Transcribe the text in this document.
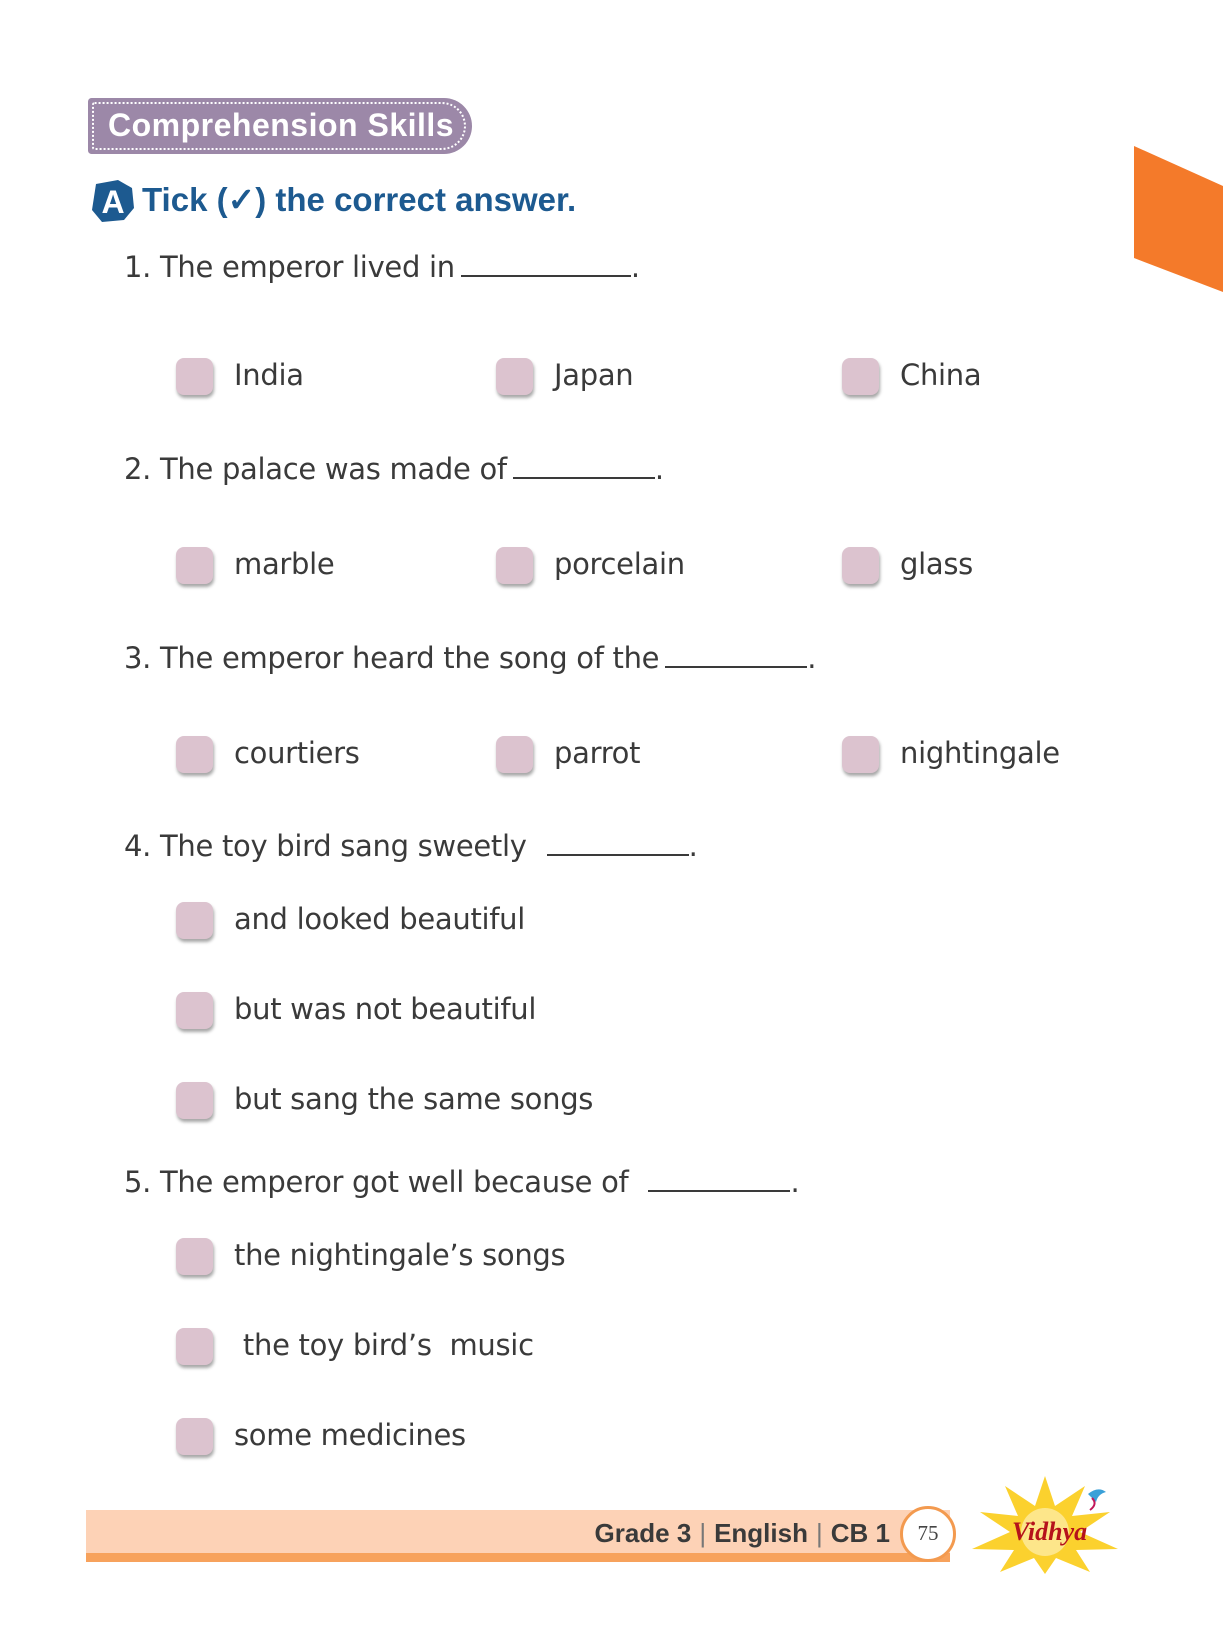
Comprehension Skills
A Tick (✓) the correct answer.
1. The emperor lived in	.
India	Japan	China
2. The palace was made of	.
marble	porcelain	glass
3. The emperor heard the song of the	.
courtiers	parrot	nightingale
4. The toy bird sang sweetly	.
and looked beautiful
but was not beautiful
but sang the same songs
5. The emperor got well because of	.
the nightingale’s songs
the toy bird’s  music
some medicines
Grade 3 | English | CB 1	75	Vidhya
